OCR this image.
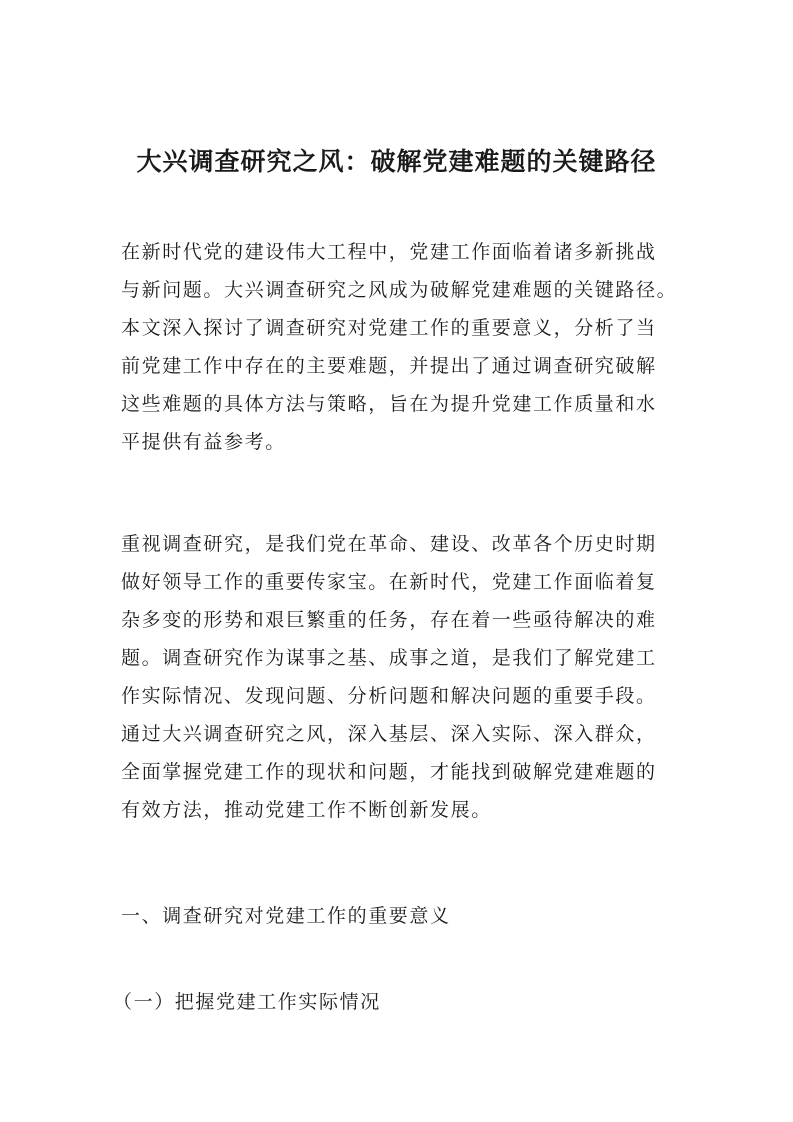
大兴调查研究之风：破解党建难题的关键路径
在新时代党的建设伟大工程中，党建工作面临着诸多新挑战
与新问题。大兴调查研究之风成为破解党建难题的关键路径。
本文深入探讨了调查研究对党建工作的重要意义，分析了当
前党建工作中存在的主要难题，并提出了通过调查研究破解
这些难题的具体方法与策略，旨在为提升党建工作质量和水
平提供有益参考。
重视调查研究，是我们党在革命、建设、改革各个历史时期
做好领导工作的重要传家宝。在新时代，党建工作面临着复
杂多变的形势和艰巨繁重的任务，存在着一些亟待解决的难
题。调查研究作为谋事之基、成事之道，是我们了解党建工
作实际情况、发现问题、分析问题和解决问题的重要手段。
通过大兴调查研究之风，深入基层、深入实际、深入群众，
全面掌握党建工作的现状和问题，才能找到破解党建难题的
有效方法，推动党建工作不断创新发展。
一、调查研究对党建工作的重要意义
（一）把握党建工作实际情况
